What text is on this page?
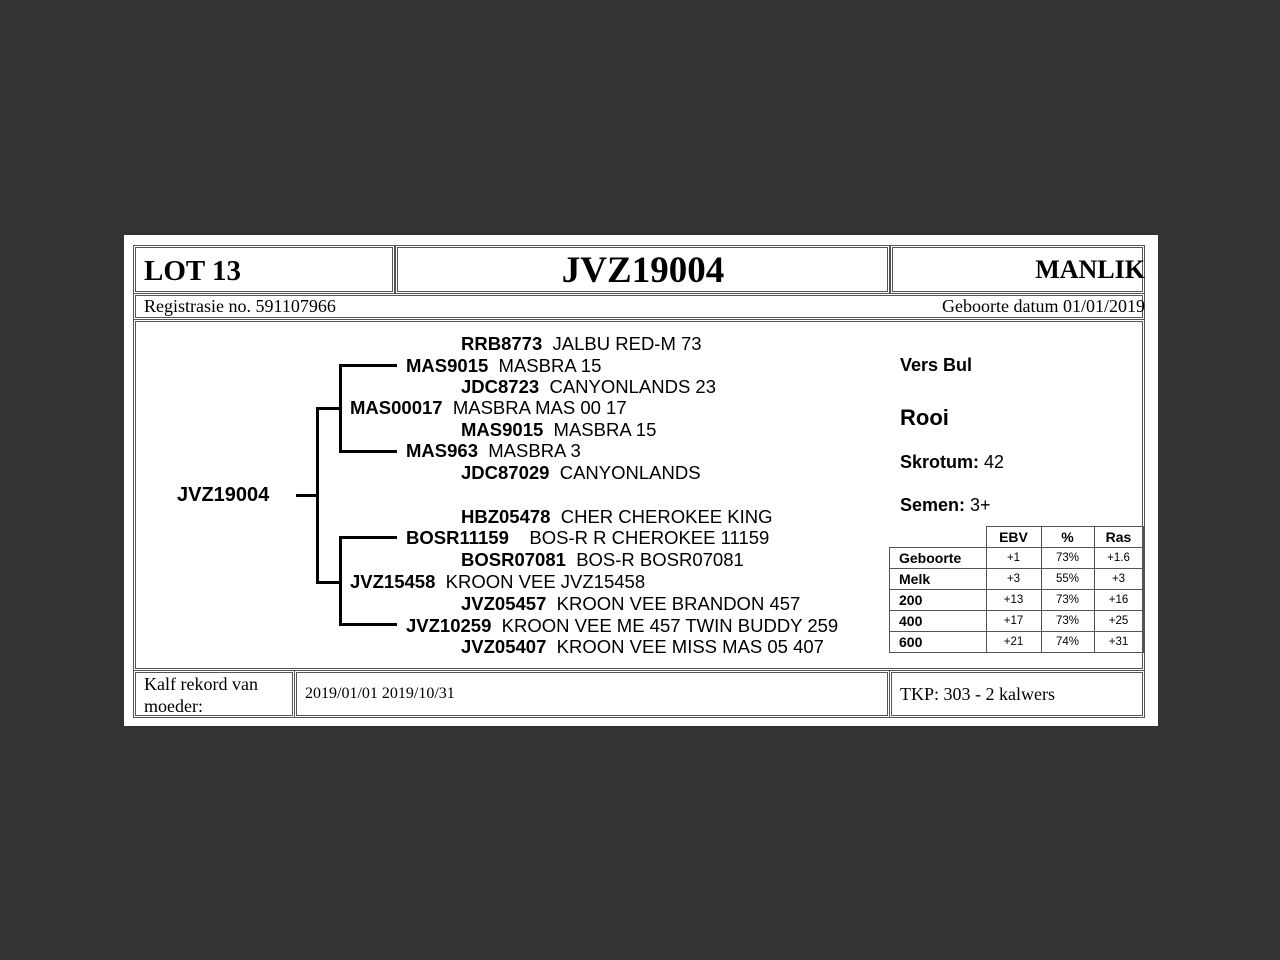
LOT 13	JVZ19004	MANLIK
Registrasie no. 591107966	Geboorte datum 01/01/2019
JVZ19004
RRB8773 JALBU RED-M 73
MAS9015 MASBRA 15
JDC8723 CANYONLANDS 23
MAS00017 MASBRA MAS 00 17
MAS9015 MASBRA 15
MAS963 MASBRA 3
JDC87029 CANYONLANDS
HBZ05478 CHER CHEROKEE KING
BOSR11159 BOS-R R CHEROKEE 11159
BOSR07081 BOS-R BOSR07081
JVZ15458 KROON VEE JVZ15458
JVZ05457 KROON VEE BRANDON 457
JVZ10259 KROON VEE ME 457 TWIN BUDDY 259
JVZ05407 KROON VEE MISS MAS 05 407
Vers Bul
Rooi
Skrotum: 42
Semen: 3+
	EBV	%	Ras
Geboorte	+1	73%	+1.6
Melk	+3	55%	+3
200	+13	73%	+16
400	+17	73%	+25
600	+21	74%	+31
Kalf rekord van moeder:
2019/01/01 2019/10/31	TKP: 303 - 2 kalwers
